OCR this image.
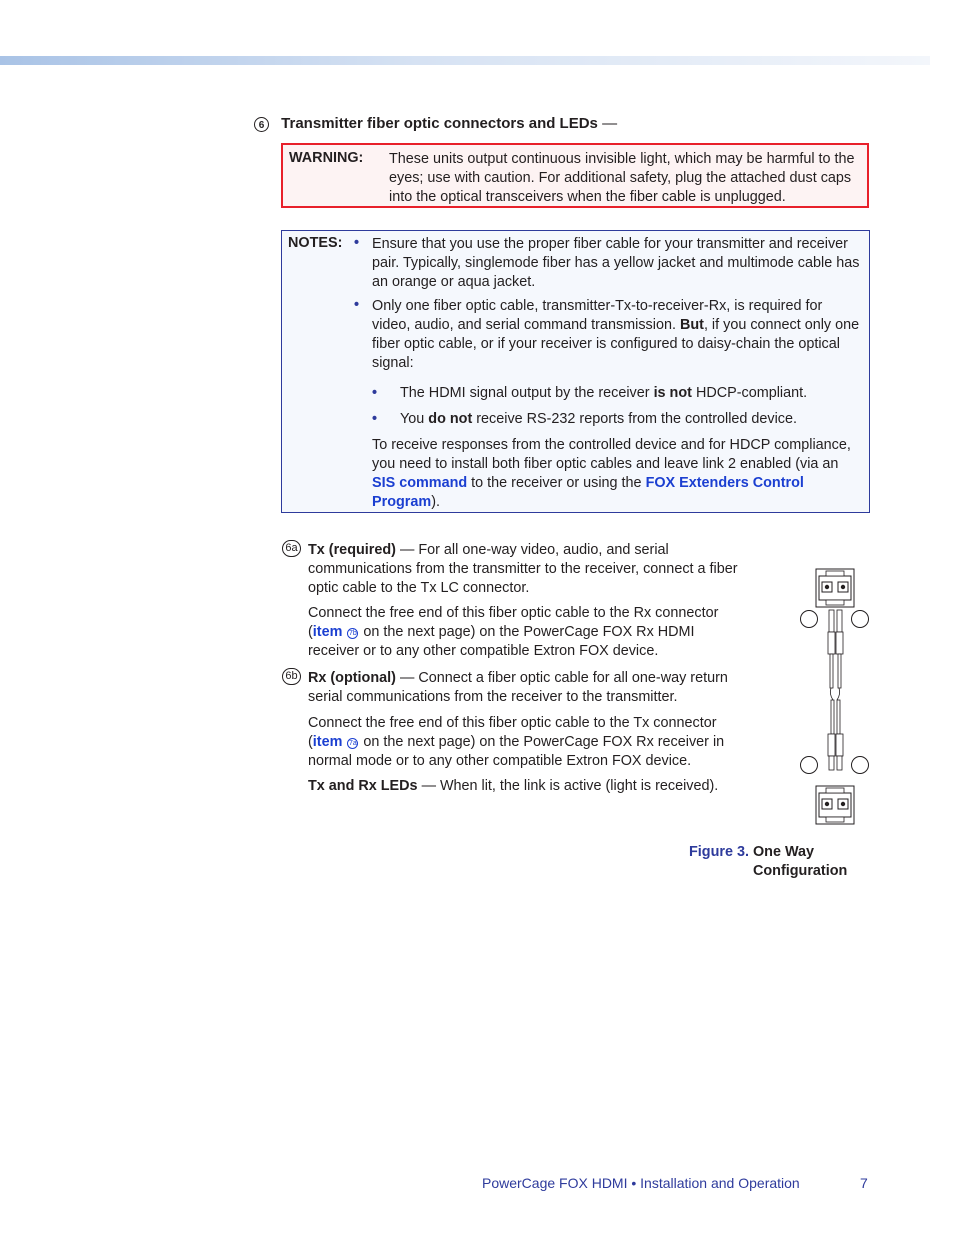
6 Transmitter fiber optic connectors and LEDs —
WARNING: These units output continuous invisible light, which may be harmful to the eyes; use with caution. For additional safety, plug the attached dust caps into the optical transceivers when the fiber cable is unplugged.
NOTES: • Ensure that you use the proper fiber cable for your transmitter and receiver pair. Typically, singlemode fiber has a yellow jacket and multimode cable has an orange or aqua jacket.
• Only one fiber optic cable, transmitter-Tx-to-receiver-Rx, is required for video, audio, and serial command transmission. But, if you connect only one fiber optic cable, or if your receiver is configured to daisy-chain the optical signal:
• The HDMI signal output by the receiver is not HDCP-compliant.
• You do not receive RS-232 reports from the controlled device.
To receive responses from the controlled device and for HDCP compliance, you need to install both fiber optic cables and leave link 2 enabled (via an SIS command to the receiver or using the FOX Extenders Control Program).
6a Tx (required) — For all one-way video, audio, and serial communications from the transmitter to the receiver, connect a fiber optic cable to the Tx LC connector.
Connect the free end of this fiber optic cable to the Rx connector (item 7b on the next page) on the PowerCage FOX Rx HDMI receiver or to any other compatible Extron FOX device.
6b Rx (optional) — Connect a fiber optic cable for all one-way return serial communications from the receiver to the transmitter.
Connect the free end of this fiber optic cable to the Tx connector (item 7a on the next page) on the PowerCage FOX Rx receiver in normal mode or to any other compatible Extron FOX device.
Tx and Rx LEDs — When lit, the link is active (light is received).
Figure 3. One Way Configuration
PowerCage FOX HDMI • Installation and Operation	7
